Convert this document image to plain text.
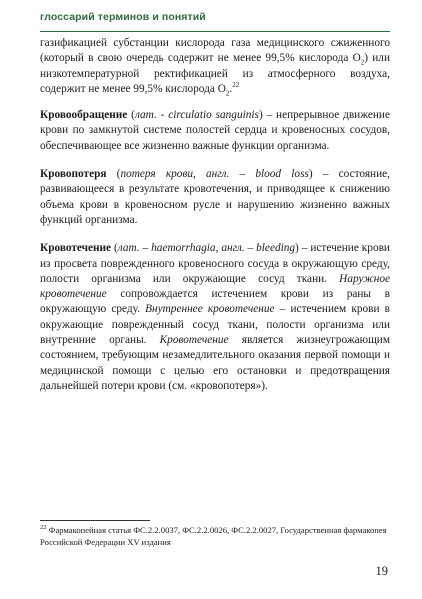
глоссарий терминов и понятий

газификацией субстанции кислорода газа медицинского сжиженного (который в свою очередь содержит не менее 99,5% кислорода $O_2$) или низкотемпературной ректификацией из атмосферного воздуха, содержит не менее 99,5% кислорода $O_2.^{22}$

Кровообращение (лат. - circulatio sanguinis) – непрерывное движение крови по замкнутой системе полостей сердца и кровеносных сосудов, обеспечивающее все жизненно важные функции организма.

Кровопотеря (потеря крови, англ. – blood loss) – состояние, развивающееся в результате кровотечения, и приводящее к снижению объема крови в кровеносном русле и нарушению жизненно важных функций организма.

Кровотечение (лат. – haemorrhagia, англ. – bleeding) – истечение крови из просвета поврежденного кровеносного сосуда в окружающую среду, полости организма или окружающие сосуд ткани. Наружное кровотечение сопровождается истечением крови из раны в окружающую среду. Внутреннее кровотечение – истечением крови в окружающие поврежденный сосуд ткани, полости организма или внутренние органы. Кровотечение является жизнеугрожающим состоянием, требующим незамедлительного оказания первой помощи и медицинской помощи с целью его остановки и предотвращения дальнейшей потери крови (см. «кровопотеря»).

$^{22}$ Фармакопейная статья ФС.2.2.0037, ФС.2.2.0026, ФС.2.2.0027, Государственная фармакопея Российской Федерации XV издания
19
